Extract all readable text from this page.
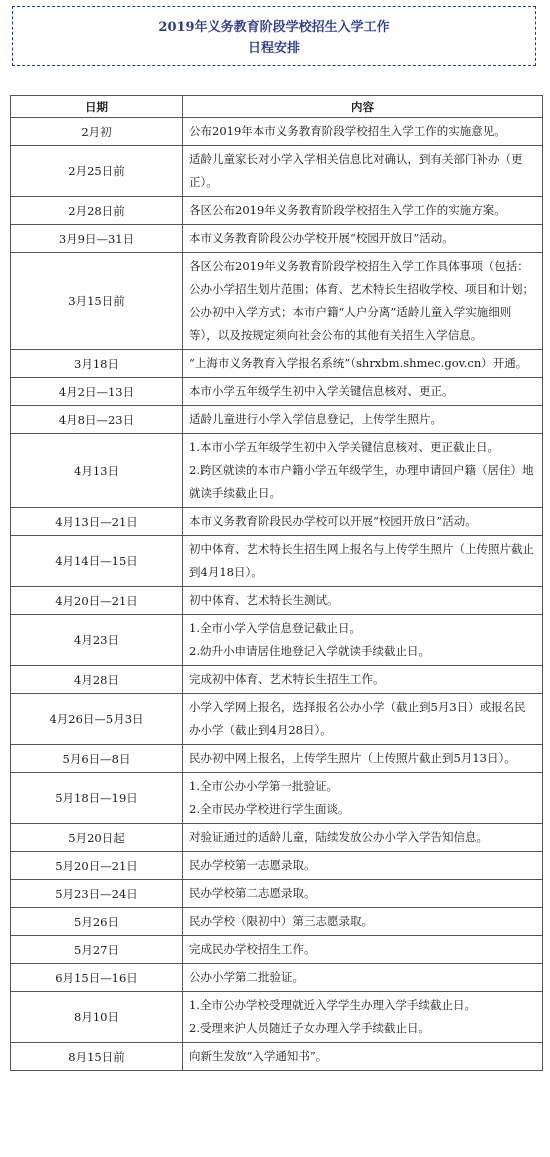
2019年义务教育阶段学校招生入学工作
日程安排
日期	内容
2月初	公布2019年本市义务教育阶段学校招生入学工作的实施意见。

2月25日前	适龄儿童家长对小学入学相关信息比对确认，到有关部门补办（更正）。

2月28日前	各区公布2019年义务教育阶段学校招生入学工作的实施方案。

3月9日—31日	本市义务教育阶段公办学校开展“校园开放日”活动。

3月15日前	各区公布2019年义务教育阶段学校招生入学工作具体事项（包括：公办小学招生划片范围；体育、艺术特长生招收学校、项目和计划；公办初中入学方式；本市户籍“人户分离”适龄儿童入学实施细则等），以及按规定须向社会公布的其他有关招生入学信息。

3月18日	“上海市义务教育入学报名系统”（shrxbm.shmec.gov.cn）开通。

4月2日—13日	本市小学五年级学生初中入学关键信息核对、更正。

4月8日—23日	适龄儿童进行小学入学信息登记，上传学生照片。

4月13日	1.本市小学五年级学生初中入学关键信息核对、更正截止日。
2.跨区就读的本市户籍小学五年级学生，办理申请回户籍（居住）地就读手续截止日。

4月13日—21日	本市义务教育阶段民办学校可以开展“校园开放日”活动。

4月14日—15日	初中体育、艺术特长生招生网上报名与上传学生照片（上传照片截止到4月18日）。

4月20日—21日	初中体育、艺术特长生测试。

4月23日	1.全市小学入学信息登记截止日。
2.幼升小申请居住地登记入学就读手续截止日。

4月28日	完成初中体育、艺术特长生招生工作。

4月26日—5月3日	小学入学网上报名，选择报名公办小学（截止到5月3日）或报名民办小学（截止到4月28日）。

5月6日—8日	民办初中网上报名，上传学生照片（上传照片截止到5月13日）。

5月18日—19日	1.全市公办小学第一批验证。
2.全市民办学校进行学生面谈。

5月20日起	对验证通过的适龄儿童，陆续发放公办小学入学告知信息。

5月20日—21日	民办学校第一志愿录取。

5月23日—24日	民办学校第二志愿录取。

5月26日	民办学校（限初中）第三志愿录取。

5月27日	完成民办学校招生工作。

6月15日—16日	公办小学第二批验证。

8月10日	1.全市公办学校受理就近入学学生办理入学手续截止日。
2.受理来沪人员随迁子女办理入学手续截止日。

8月15日前	向新生发放“入学通知书”。
